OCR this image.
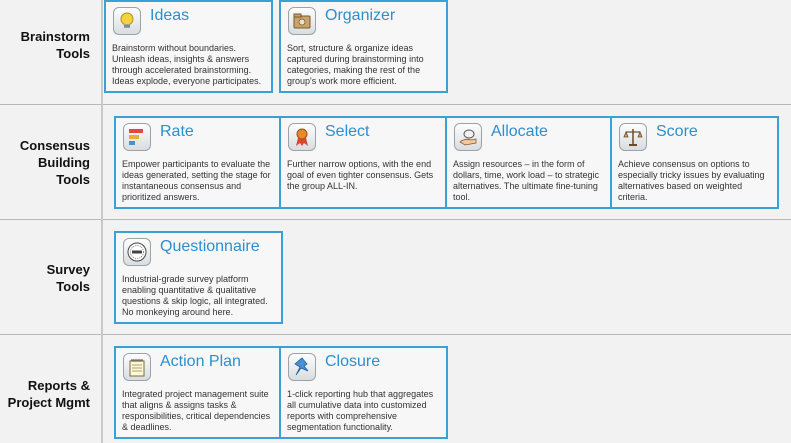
Brainstorm
Tools
Consensus
Building
Tools
Survey
Tools
Reports &
Project Mgmt
Ideas
Brainstorm without boundaries. Unleash ideas, insights & answers through accelerated brainstorming. Ideas explode, everyone participates.
Organizer
Sort, structure & organize ideas captured during brainstorming into categories, making the rest of the group's work more efficient.
Rate
Empower participants to evaluate the ideas generated, setting the stage for instantaneous consensus and prioritized answers.
Select
Further narrow options, with the end goal of even tighter consensus. Gets the group ALL-IN.
Allocate
Assign resources – in the form of dollars, time, work load – to strategic alternatives. The ultimate fine-tuning tool.
Score
Achieve consensus on options to especially tricky issues by evaluating alternatives based on weighted criteria.
Questionnaire
Industrial-grade survey platform enabling quantitative & qualitative questions & skip logic, all integrated. No monkeying around here.
Action Plan
Integrated project management suite that aligns & assigns tasks & responsibilities, critical dependencies & deadlines.
Closure
1-click reporting hub that aggregates all cumulative data into customized reports with comprehensive segmentation functionality.
